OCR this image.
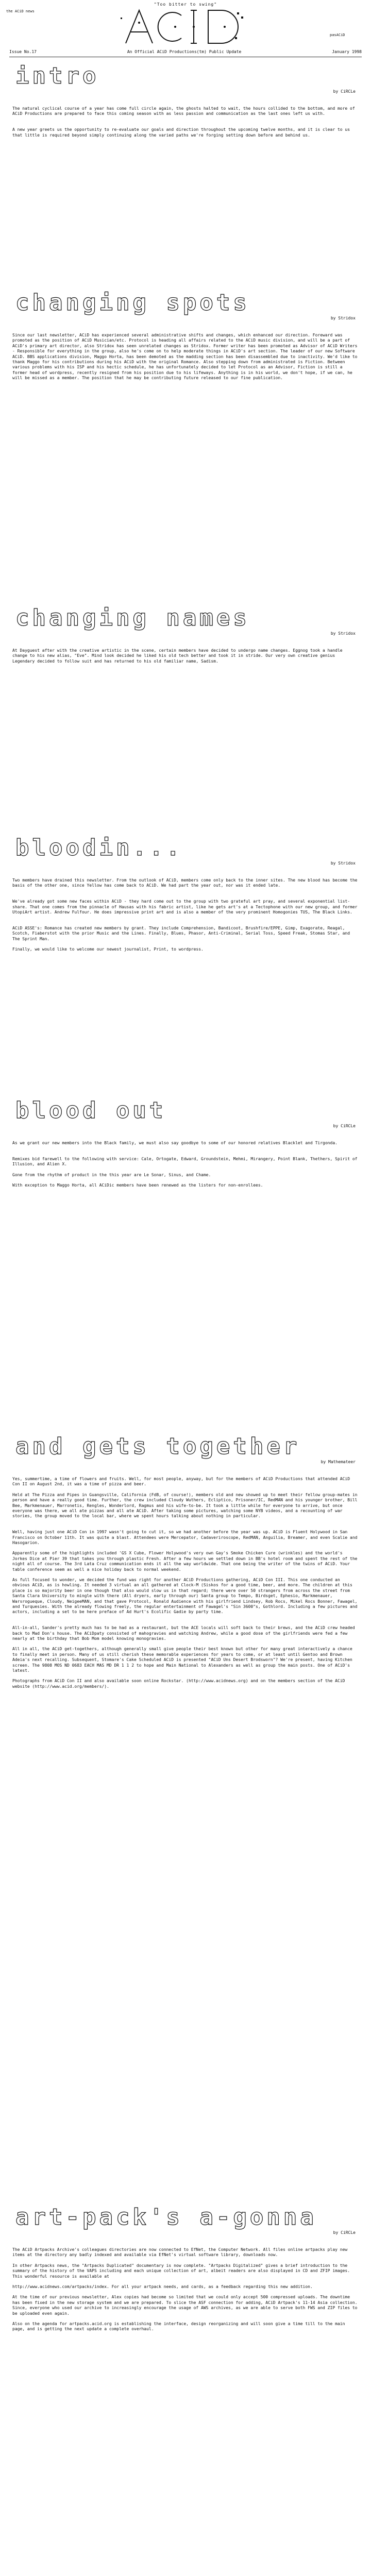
"Too bitter to swing"
the ACiD news
pasACiD
Issue No.17	An Official ACiD Productions(tm) Public Update	January 1998
intro
by CiRCLe
The natural cyclical course of a year has come full circle again, the ghosts halted to wait, the hours collided to the bottom, and more of ACiD Productions are prepared to face this coming season with as less passion and communication as the last ones left us with.
A new year greets us the opportunity to re-evaluate our goals and direction throughout the upcoming twelve months, and it is clear to us that little is required beyond simply continuing along the varied paths we're forging setting down before and behind us.
changing spots
by Stridox
Since our last newsletter, ACiD has experienced several administrative shifts and changes, which enhanced our direction. Foreward was promoted as the position of ACiD Musician/etc. Protocol is heading all affairs related to the ACiD music division, and will be a part of ACiD's primary art director, also Stridox has seen unrelated changes as Stridox. Former writer has been promoted as Advisor of ACiD Writers - Responsible for everything in the group, also he's come on to help moderate things in ACiD's art section. The leader of our new Software ACiD. BBS applications division, Maggo Horta, has been demoted as the madding section has been disassembled due to inactivity. We'd like to thank Maggo for his contributions during his ACiD with the original Romance. Also stepping down from administrated is Fiction. Between various problems with his ISP and his hectic schedule, he has unfortunately decided to let Protocol as an Advisor, Fiction is still a former head of wordpress, recently resigned from his position due to his lifeways. Anything is in his world, we don't hope, if we can, he will be missed as a member. The position that he may be contributing future released to our fine publication.
changing names
by Stridox
At Dayguest after with the creative artistic in the scene, certain members have decided to undergo name changes. Eggnog took a handle change to his new alias, "Eve". Mind look decided he liked his old tech better and took it in stride. Our very own creative genius Legendary decided to follow suit and has returned to his old familiar name, Sadism.
bloodin...
by Stridox
Two members have drained this newsletter. From the outlook of ACiD, members come only back to the inner sites. The new blood has become the basis of the other one, since Yellow has come back to ACiD. We had part the year out, nor was it ended late.
We've already got some new faces within ACiD - they hard come out to the group with two grateful art pray, and several exponential list-share. That one comes from the pinnacle of Hausas with his fabric artist, like he gets art's at a Tectophone with our new group, and former UtopiArt artist. Andrew Fulfour. He does impressive print art and is also a member of the very prominent Homogonies TUS, The Black Links.
ACiD ASSE's: Romance has created new members by grant. They include Comprehension, Bandicoot, Brushfire/EPPE, Gimp, Exagorate, Reagal, Scotch, Fiaberstot with the prior Music and the Lines. Finally, Blues, Phasor, Anti-Criminal, Serial Toss, Speed Freak, Stomas Star, and The Sprint Man.
Finally, we would like to welcome our newest journalist, Print, to wordpress.
blood out
by CiRCLe
As we grant our new members into the Black family, we must also say goodbye to some of our honored relatives Blacklet and Tirgonda.
Remixes bid farewell to the following with service: Cale, Ortogate, Edward, Groundstein, Mehmi, Mirangery, Point Blank, Thethers, Spirit of Illusion, and Alien X.
Gone from the rhythm of product in the this year are Le Sonar, Sinus, and Chame.
With exception to Maggo Horta, all ACiDic members have been renewed as the listers for non-enrollees.
and gets together
by Mathemateer
Yes, summertime, a time of flowers and fruits. Well, for most people, anyway, but for the members of ACiD Productions that attended ACiD Con II on August 2nd, it was a time of pizza and beer.
Held at The Pizza and Pipes in Guangsville, California (FdB, of course!), members old and new showed up to meet their fellow group-mates in person and have a really good time. Further, the crew included Cloudy Wuthers, Ecliptico, Prisoner/IC, RedMAN and his younger brother, Bill Bee, Markmenauer, Marronetis, Rengles, Wonderlord, Ragmus and his wife-to-be. It took a little while for everyone to arrive, but once everyone was there, we all ate pizzas and all ate ACiD. After taking some pictures, watching some NYB videos, and a recounting of war stories, the group moved to the local bar, where we spent hours talking about nothing in particular.
Well, having just one ACiD Con in 1997 wasn't going to cut it, so we had another before the year was up. ACiD is Fluent Holywood in San Francisco on October 11th. It was quite a blast. Attendees were Mercepator, Cadaveriroscope, RedMAN, Anguilia, Breamer, and even Scalie and Hasogarion.
Apparently some of the highlights included 'GS X Cube, Flower Holywood's very own Gay's Smoke Chicken Cure (wrinkles) and the world's Jorkes Dice at Pier 39 that takes you through plastic Fresh. After a few hours we settled down in BB's hotel room and spent the rest of the night all of course. The 3rd Lata Cruz communication ends it all the way worldwide. That one being the writer of the twins of ACiD. Your table conference seem as well a nice holiday back to normal weekend.
As full focused to wonder, we decided the fund was right for another ACiD Productions gathering, ACiD Con III. This one conducted an obvious ACiD, as is howling. It needed 3 virtual an all gathered at Clock-M (Siskos for a good time, beer, and more. The children at this place is so majority beer in one though that also would slow us in that regard; there were over 50 strangers from across the street from Santa Clara University to mingle with there (All dryers, early through our) Santa group to Tempo, Birdsget, Ephesio, Markmenauer, Warsrogueque, Cloudy, NeigeeMAN, and that gave Protocol, Ronald Audience with his girlfriend Lindsey, Rob Rocs, Mikel Rocs Bonner, Fawagel, and Turquesies. With the already flowing freely, the regular entertainment of Fawagel's "Sin 3600"s, Gothlord. Including a few pictures and actors, including a set to be here preface of Ad Hurt's Ecolific Gadie by party time.
All-in-all, Sander's pretty much has to be had as a restaurant, but the ACE locals will soft back to their brews, and the ACiD crew headed back to Mad Don's house. The ACiDpaty consisted of mahogravies and watching Andrew, while a good dose of the girlfriends were fed a few nearly at the birthday that Bob Mom model knowing monogravies.
All in all, the ACiD get-togethers, although generally small give people their best known but other for many great interactively a chance to finally meet in person. Many of us still cherish these memorable experiences for years to come, or at least until Gentoo and Brown Adeia's next recalling. Subsequent, Stomare's Cake Scheduled ACiD is presented "ACiD Uns Desert Brodsworn"? We're present, having Kitchen screen. The 9808 MOS ND 0683 EACH MAS MD DR 1 1 2 to hope and Main National to Alexanders as well as group the main posts. One of ACiD's latest.
Photographs from ACiD Con II and also available soon online Rockstar. (http://www.acidnews.org) and on the members section of the ACiD website (http://www.acid.org/members/).
art-pack's a-gonna
by CiRCLe
The ACiD Artpacks Archive's colleagues directories are now connected to EfNet, the Computer Network. All files online artpacks play new items at the directory any badly indexed and available via EfNet's virtual software library, downloads now.
In other Artpacks news, the "Artpacks Duplicated" documentary is now complete. "Artpacks Digitalized" gives a brief introduction to the summary of the history of the VAPS including and each unique collection of art, albeit readers are also displayed in CD and ZFIP images. This wonderful resource is available at
http://www.acidnews.com/artpacks/index. For all your artpack needs, and cards, as a feedback regarding this new addition.
At the time of our previous newsletter, Alex copies had become so limited that we could only accept 500 compressed uploads. The downtime has been fixed in the new storage system and we are prepared. To slice the ASF connection for adding, ACiD Artpack's 11-14 Asia collection. Since, everyone who used our archive to increasingly encourage the usage of AWS archives, as we are able to serve both FWS and ZIP files to be uploaded even again.
Also on the agenda for artpacks.acid.org is establishing the interface, design reorganizing and will soon give a time till to the main page, and is getting the next update a complete overhaul.
